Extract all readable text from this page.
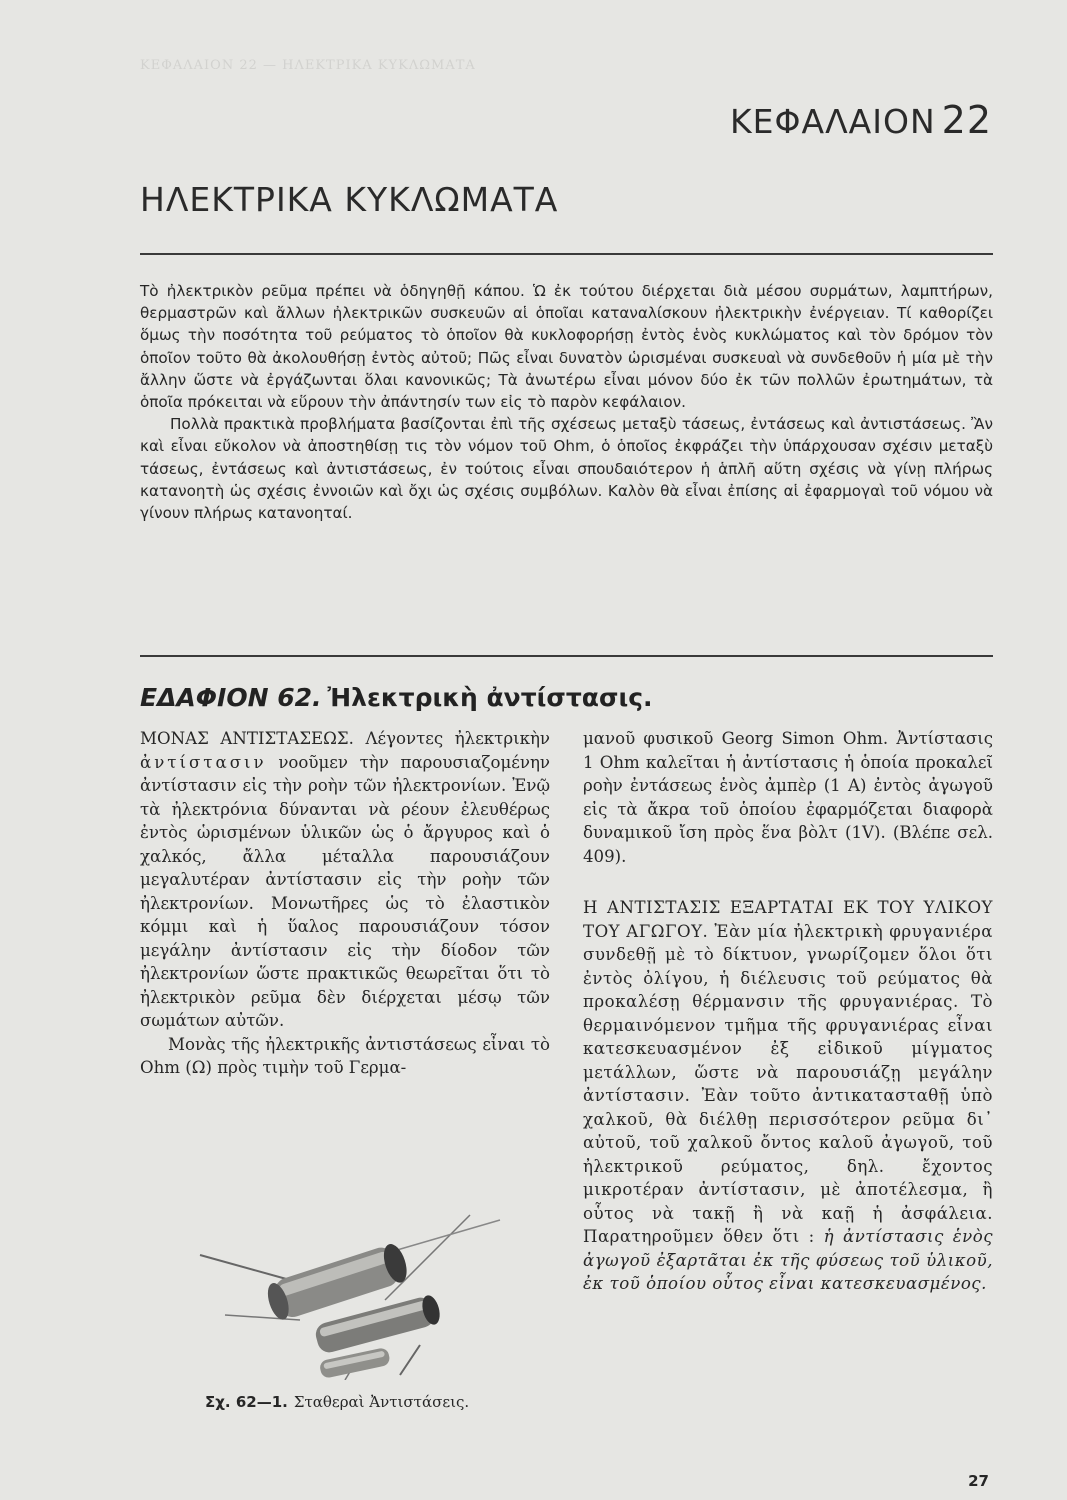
ΚΕΦΑΛΑΙΟΝ 22 — ΗΛΕΚΤΡΙΚΑ ΚΥΚΛΩΜΑΤΑ
ΚΕΦΑΛΑΙΟΝ 22
ΗΛΕΚΤΡΙΚΑ ΚΥΚΛΩΜΑΤΑ

Τὸ ἠλεκτρικὸν ρεῦμα πρέπει νὰ ὁδηγηθῇ κάπου. Ὡ ἐκ τούτου διέρχεται διὰ μέσου συρμάτων, λαμπτήρων, θερμαστρῶν καὶ ἄλλων ἠλεκτρικῶν συσκευῶν αἱ ὁποῖαι καταναλίσκουν ἠλεκτρικὴν ἐνέργειαν. Τί καθορίζει ὅμως τὴν ποσότητα τοῦ ρεύματος τὸ ὁποῖον θὰ κυκλοφορήσῃ ἐντὸς ἑνὸς κυκλώματος καὶ τὸν δρόμον τὸν ὁποῖον τοῦτο θὰ ἀκολουθήσῃ ἐντὸς αὐτοῦ; Πῶς εἶναι δυνατὸν ὡρισμέναι συσκευαὶ νὰ συνδεθοῦν ἡ μία μὲ τὴν ἄλλην ὥστε νὰ ἐργάζωνται ὅλαι κανονικῶς; Τὰ ἀνωτέρω εἶναι μόνον δύο ἐκ τῶν πολλῶν ἐρωτημάτων, τὰ ὁποῖα πρόκειται νὰ εὕρουν τὴν ἀπάντησίν των εἰς τὸ παρὸν κεφάλαιον.

Πολλὰ πρακτικὰ προβλήματα βασίζονται ἐπὶ τῆς σχέσεως μεταξὺ τάσεως, ἐντάσεως καὶ ἀντιστάσεως. Ἂν καὶ εἶναι εὔκολον νὰ ἀποστηθίσῃ τις τὸν νόμον τοῦ Ohm, ὁ ὁποῖος ἐκφράζει τὴν ὑπάρχουσαν σχέσιν μεταξὺ τάσεως, ἐντάσεως καὶ ἀντιστάσεως, ἐν τούτοις εἶναι σπουδαιότερον ἡ ἁπλῆ αὕτη σχέσις νὰ γίνῃ πλήρως κατανοητὴ ὡς σχέσις ἐννοιῶν καὶ ὄχι ὡς σχέσις συμβόλων. Καλὸν θὰ εἶναι ἐπίσης αἱ ἐφαρμογαὶ τοῦ νόμου νὰ γίνουν πλήρως κατανοηταί.

ΕΔΑΦΙΟΝ 62. Ἠλεκτρικὴ ἀντίστασις.

ΜΟΝΑΣ ΑΝΤΙΣΤΑΣΕΩΣ. Λέγοντες ἠλεκτρικὴν ἀντίστασιν νοοῦμεν τὴν παρουσιαζομένην ἀντίστασιν εἰς τὴν ροὴν τῶν ἠλεκτρονίων. Ἐνῷ τὰ ἠλεκτρόνια δύνανται νὰ ρέουν ἐλευθέρως ἐντὸς ὡρισμένων ὑλικῶν ὡς ὁ ἄργυρος καὶ ὁ χαλκός, ἄλλα μέταλλα παρουσιάζουν μεγαλυτέραν ἀντίστασιν εἰς τὴν ροὴν τῶν ἠλεκτρονίων. Μονωτῆρες ὡς τὸ ἐλαστικὸν κόμμι καὶ ἡ ὕαλος παρουσιάζουν τόσον μεγάλην ἀντίστασιν εἰς τὴν δίοδον τῶν ἠλεκτρονίων ὥστε πρακτικῶς θεωρεῖται ὅτι τὸ ἠλεκτρικὸν ρεῦμα δὲν διέρχεται μέσῳ τῶν σωμάτων αὐτῶν.

Μονὰς τῆς ἠλεκτρικῆς ἀντιστάσεως εἶναι τὸ Ohm (Ω) πρὸς τιμὴν τοῦ Γερμα-

Σχ. 62—1. Σταθεραὶ Ἀντιστάσεις.

μανοῦ φυσικοῦ Georg Simon Ohm. Ἀντίστασις 1 Ohm καλεῖται ἡ ἀντίστασις ἡ ὁποία προκαλεῖ ροὴν ἐντάσεως ἑνὸς ἀμπὲρ (1 A) ἐντὸς ἀγωγοῦ εἰς τὰ ἄκρα τοῦ ὁποίου ἐφαρμόζεται διαφορὰ δυναμικοῦ ἴση πρὸς ἕνα βὸλτ (1V). (Βλέπε σελ. 409).

Η ΑΝΤΙΣΤΑΣΙΣ ΕΞΑΡΤΑΤΑΙ ΕΚ ΤΟΥ ΥΛΙΚΟΥ ΤΟΥ ΑΓΩΓΟΥ. Ἐὰν μία ἠλεκτρικὴ φρυγανιέρα συνδεθῇ μὲ τὸ δίκτυον, γνωρίζομεν ὅλοι ὅτι ἐντὸς ὀλίγου, ἡ διέλευσις τοῦ ρεύματος θὰ προκαλέσῃ θέρμανσιν τῆς φρυγανιέρας. Τὸ θερμαινόμενον τμῆμα τῆς φρυγανιέρας εἶναι κατεσκευασμένον ἐξ εἰδικοῦ μίγματος μετάλλων, ὥστε νὰ παρουσιάζῃ μεγάλην ἀντίστασιν. Ἐὰν τοῦτο ἀντικατασταθῇ ὑπὸ χαλκοῦ, θὰ διέλθῃ περισσότερον ρεῦμα δι᾽ αὐτοῦ, τοῦ χαλκοῦ ὄντος καλοῦ ἀγωγοῦ, τοῦ ἠλεκτρικοῦ ρεύματος, δηλ. ἔχοντος μικροτέραν ἀντίστασιν, μὲ ἀποτέλεσμα, ἢ οὗτος νὰ τακῇ ἢ νὰ καῇ ἡ ἀσφάλεια. Παρατηροῦμεν ὅθεν ὅτι : ἡ ἀντίστασις ἑνὸς ἀγωγοῦ ἐξαρτᾶται ἐκ τῆς φύσεως τοῦ ὑλικοῦ, ἐκ τοῦ ὁποίου οὗτος εἶναι κατεσκευασμένος.

27
